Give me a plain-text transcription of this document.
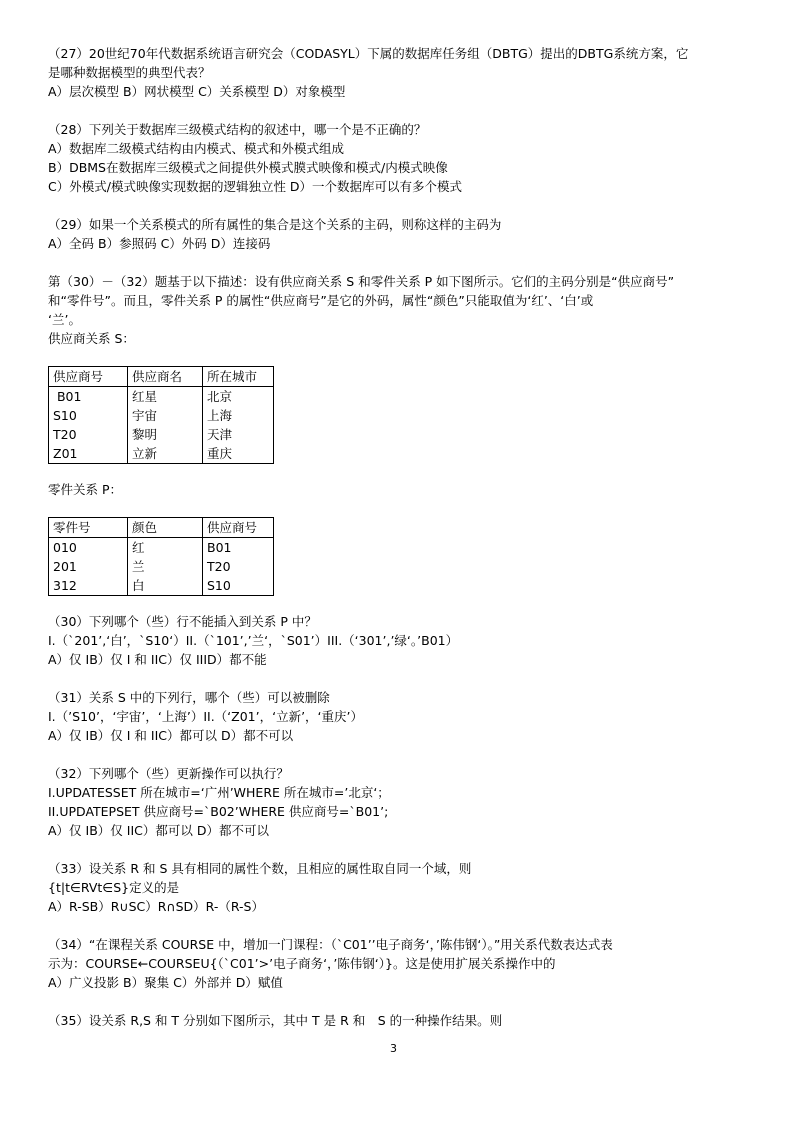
（27）20世纪70年代数据系统语言研究会（CODASYL）下属的数据库任务组（DBTG）提出的DBTG系统方案，它
是哪种数据模型的典型代表？
A）层次模型 B）网状模型 C）关系模型 D）对象模型
（28）下列关于数据库三级模式结构的叙述中，哪一个是不正确的？
A）数据库二级模式结构由内模式、模式和外模式组成
B）DBMS在数据库三级模式之间提供外模式膜式映像和模式/内模式映像
C）外模式/模式映像实现数据的逻辑独立性 D）一个数据库可以有多个模式
（29）如果一个关系模式的所有属性的集合是这个关系的主码，则称这样的主码为
A）全码 B）参照码 C）外码 D）连接码
第（30）－（32）题基于以下描述：设有供应商关系 S 和零件关系 P 如下图所示。它们的主码分别是“供应商号”
和“零件号”。而且，零件关系 P 的属性“供应商号”是它的外码，属性“颜色”只能取值为‘红’、‘白’或
‘兰’。
供应商关系 S：
供应商号	供应商名	所在城市
B01	红星	北京
S10	宇宙	上海
T20	黎明	天津
Z01	立新	重庆
零件关系 P：
零件号	颜色	供应商号
010	红	B01
201	兰	T20
312	白	S10
（30）下列哪个（些）行不能插入到关系 P 中？
I.（`201’,‘白’，`S10‘）II.（`101’,’兰‘，`S01’）III.（‘301’,’绿‘。’B01）
A）仅 IB）仅 I 和 IIC）仅 IIID）都不能
（31）关系 S 中的下列行，哪个（些）可以被删除
I.（’S10’，‘宇宙’，‘上海’）II.（‘Z01’，‘立新’，‘重庆’）
A）仅 IB）仅 I 和 IIC）都可以 D）都不可以
（32）下列哪个（些）更新操作可以执行？
I.UPDATESSET 所在城市=‘广州’WHERE 所在城市=’北京‘；
II.UPDATEPSET 供应商号=`B02’WHERE 供应商号=`B01’;
A）仅 IB）仅 IIC）都可以 D）都不可以
（33）设关系 R 和 S 具有相同的属性个数，且相应的属性取自同一个域，则
{t|t∈RVt∈S}定义的是
A）R-SB）R∪SC）R∩SD）R-（R-S）
（34）“在课程关系 COURSE 中，增加一门课程：（`C01’’电子商务‘，’陈伟钢‘）。”用关系代数表达式表
示为：COURSE←COURSEU{（`C01’>’电子商务‘，’陈伟钢‘）}。这是使用扩展关系操作中的
A）广义投影 B）聚集 C）外部并 D）赋值
（35）设关系 R,S 和 T 分别如下图所示，其中 T 是 R 和　S 的一种操作结果。则
3
